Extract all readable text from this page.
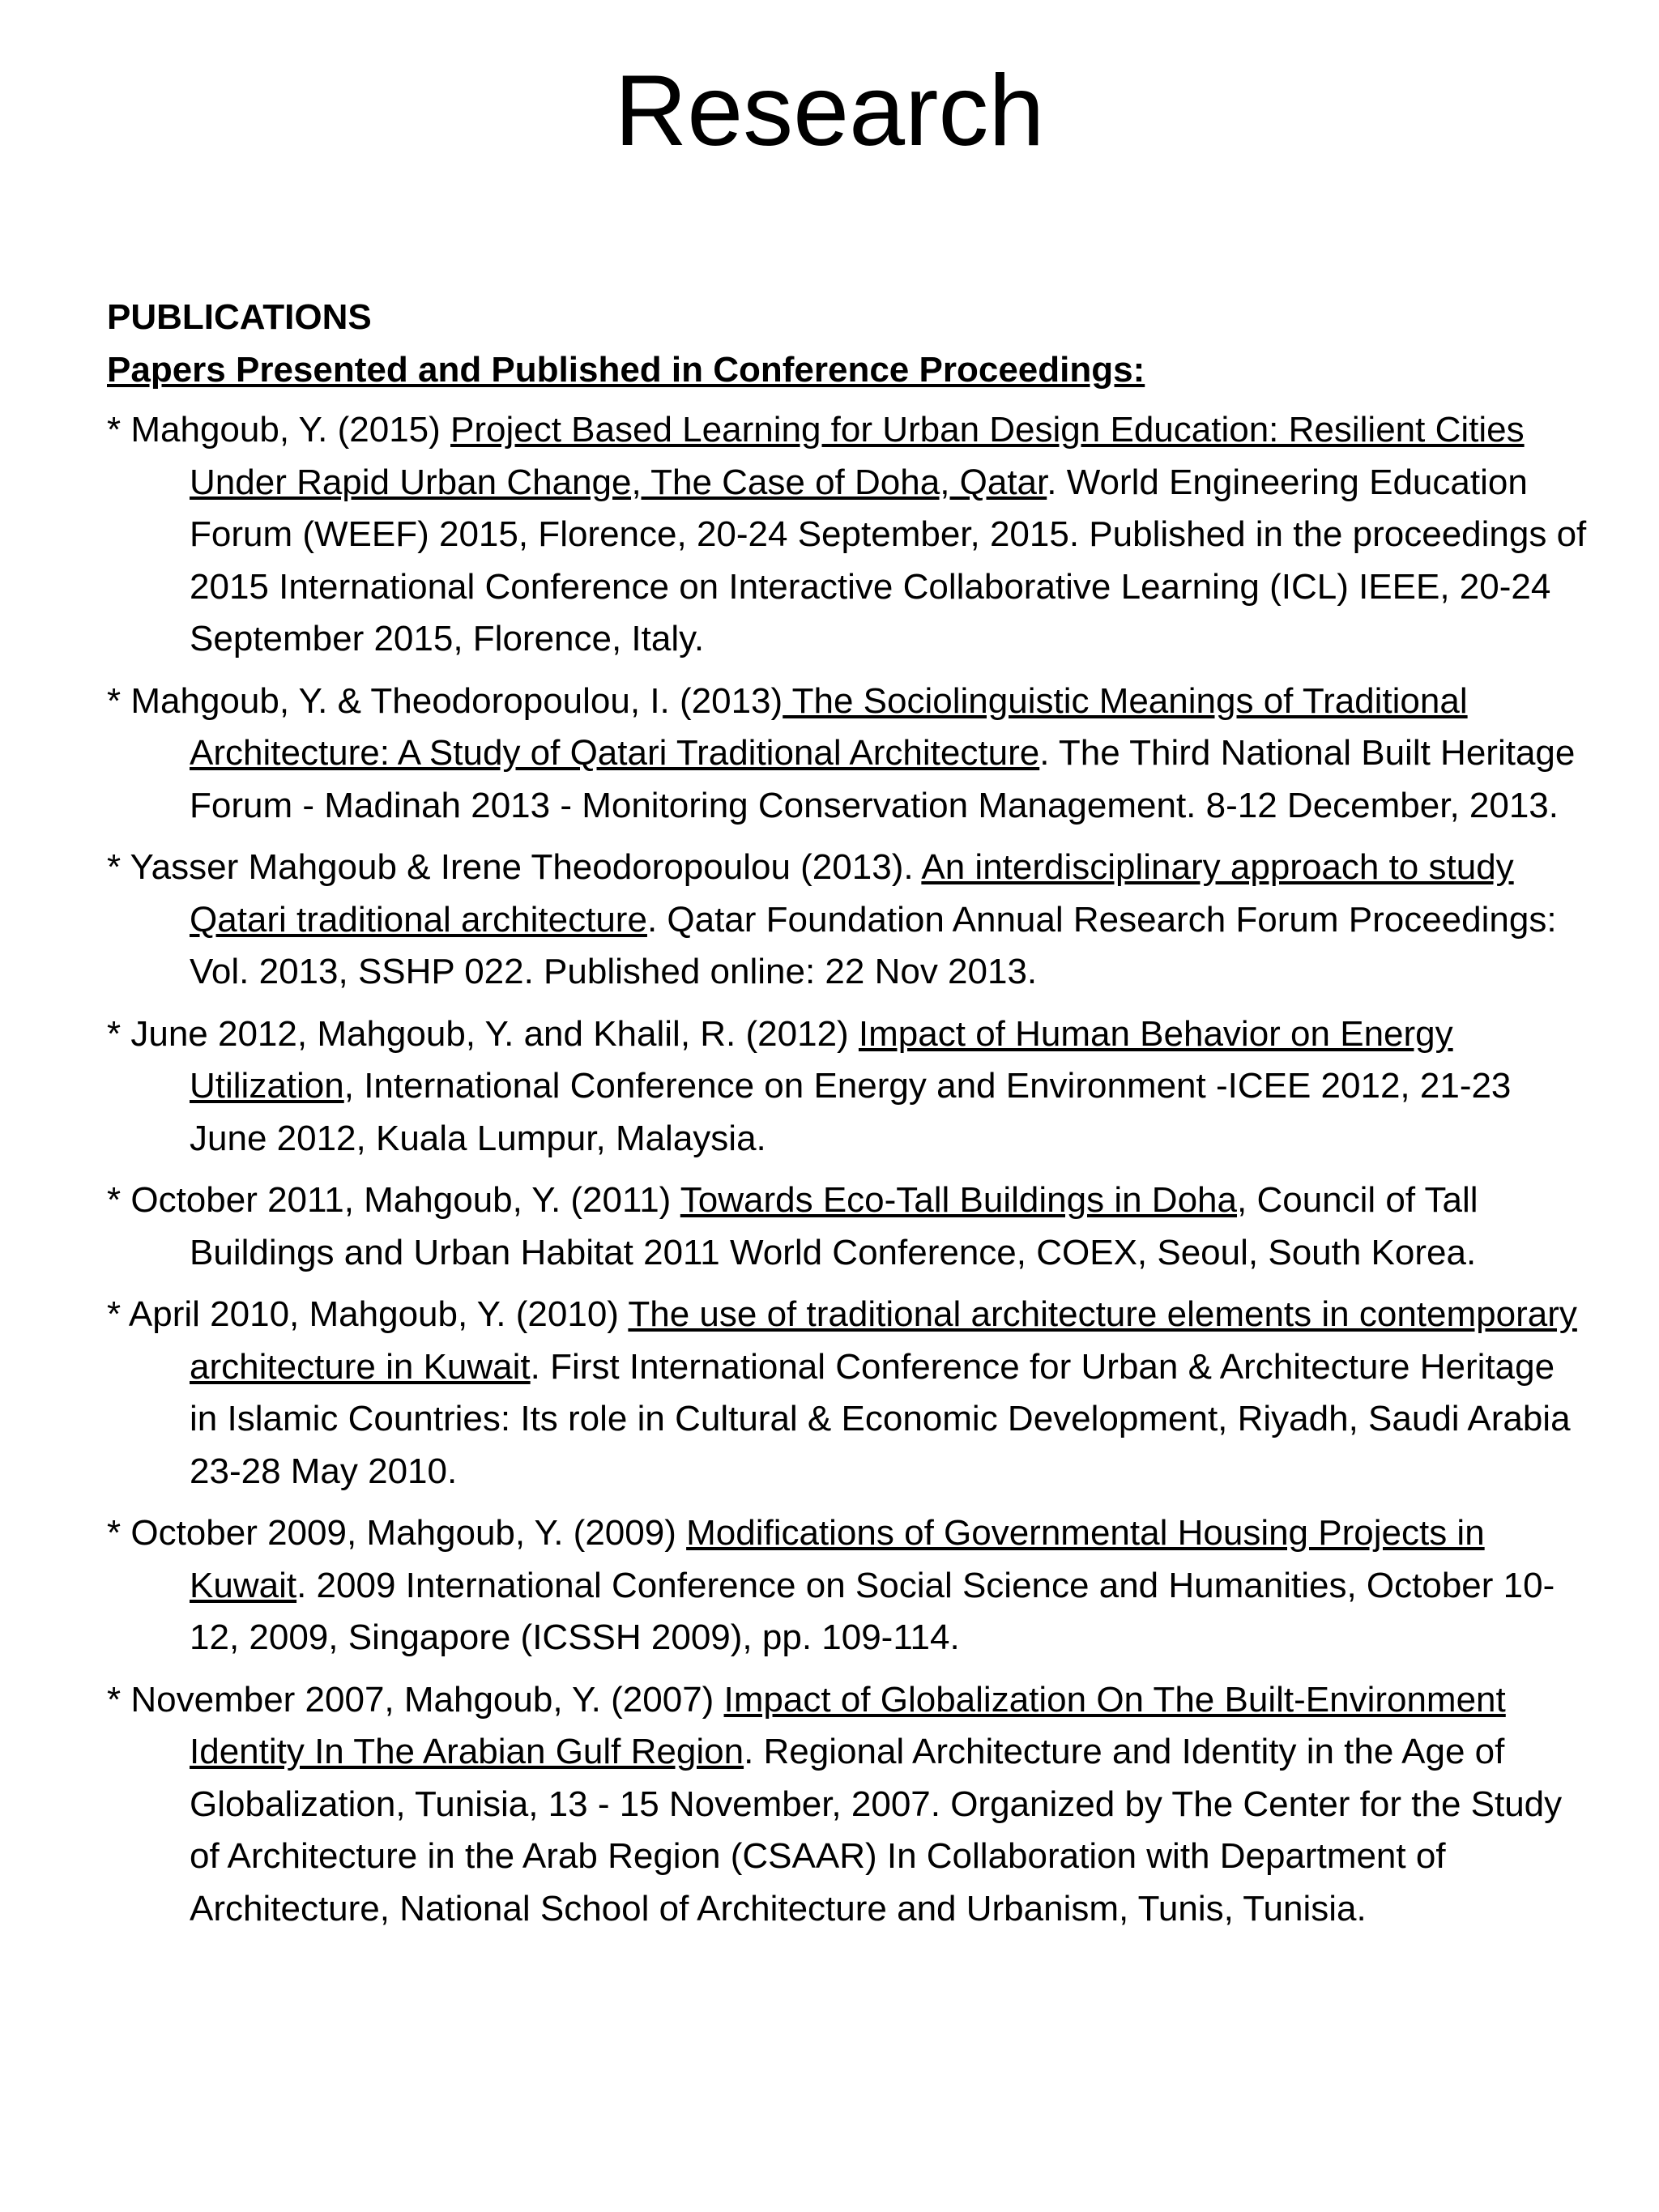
Research

PUBLICATIONS

Papers Presented and Published in Conference Proceedings:

* Mahgoub, Y. (2015) Project Based Learning for Urban Design Education: Resilient Cities Under Rapid Urban Change, The Case of Doha, Qatar. World Engineering Education Forum (WEEF) 2015, Florence, 20-24 September, 2015. Published in the proceedings of 2015 International Conference on Interactive Collaborative Learning (ICL) IEEE, 20-24 September 2015, Florence, Italy.
* Mahgoub, Y. & Theodoropoulou, I. (2013) The Sociolinguistic Meanings of Traditional Architecture: A Study of Qatari Traditional Architecture. The Third National Built Heritage Forum - Madinah 2013 - Monitoring Conservation Management. 8-12 December, 2013.
* Yasser Mahgoub & Irene Theodoropoulou (2013). An interdisciplinary approach to study Qatari traditional architecture. Qatar Foundation Annual Research Forum Proceedings: Vol. 2013, SSHP 022. Published online: 22 Nov 2013.
* June 2012, Mahgoub, Y. and Khalil, R. (2012) Impact of Human Behavior on Energy Utilization, International Conference on Energy and Environment -ICEE 2012, 21-23 June 2012, Kuala Lumpur, Malaysia.
* October 2011, Mahgoub, Y. (2011) Towards Eco-Tall Buildings in Doha, Council of Tall Buildings and Urban Habitat 2011 World Conference, COEX, Seoul, South Korea.
* April 2010, Mahgoub, Y. (2010) The use of traditional architecture elements in contemporary architecture in Kuwait. First International Conference for Urban & Architecture Heritage in Islamic Countries: Its role in Cultural & Economic Development, Riyadh, Saudi Arabia 23-28 May 2010.
* October 2009, Mahgoub, Y. (2009) Modifications of Governmental Housing Projects in Kuwait. 2009 International Conference on Social Science and Humanities, October 10-12, 2009, Singapore (ICSSH 2009), pp. 109-114.
* November 2007, Mahgoub, Y. (2007) Impact of Globalization On The Built-Environment Identity In The Arabian Gulf Region. Regional Architecture and Identity in the Age of Globalization, Tunisia, 13 - 15 November, 2007. Organized by The Center for the Study of Architecture in the Arab Region (CSAAR) In Collaboration with Department of Architecture, National School of Architecture and Urbanism, Tunis, Tunisia.
